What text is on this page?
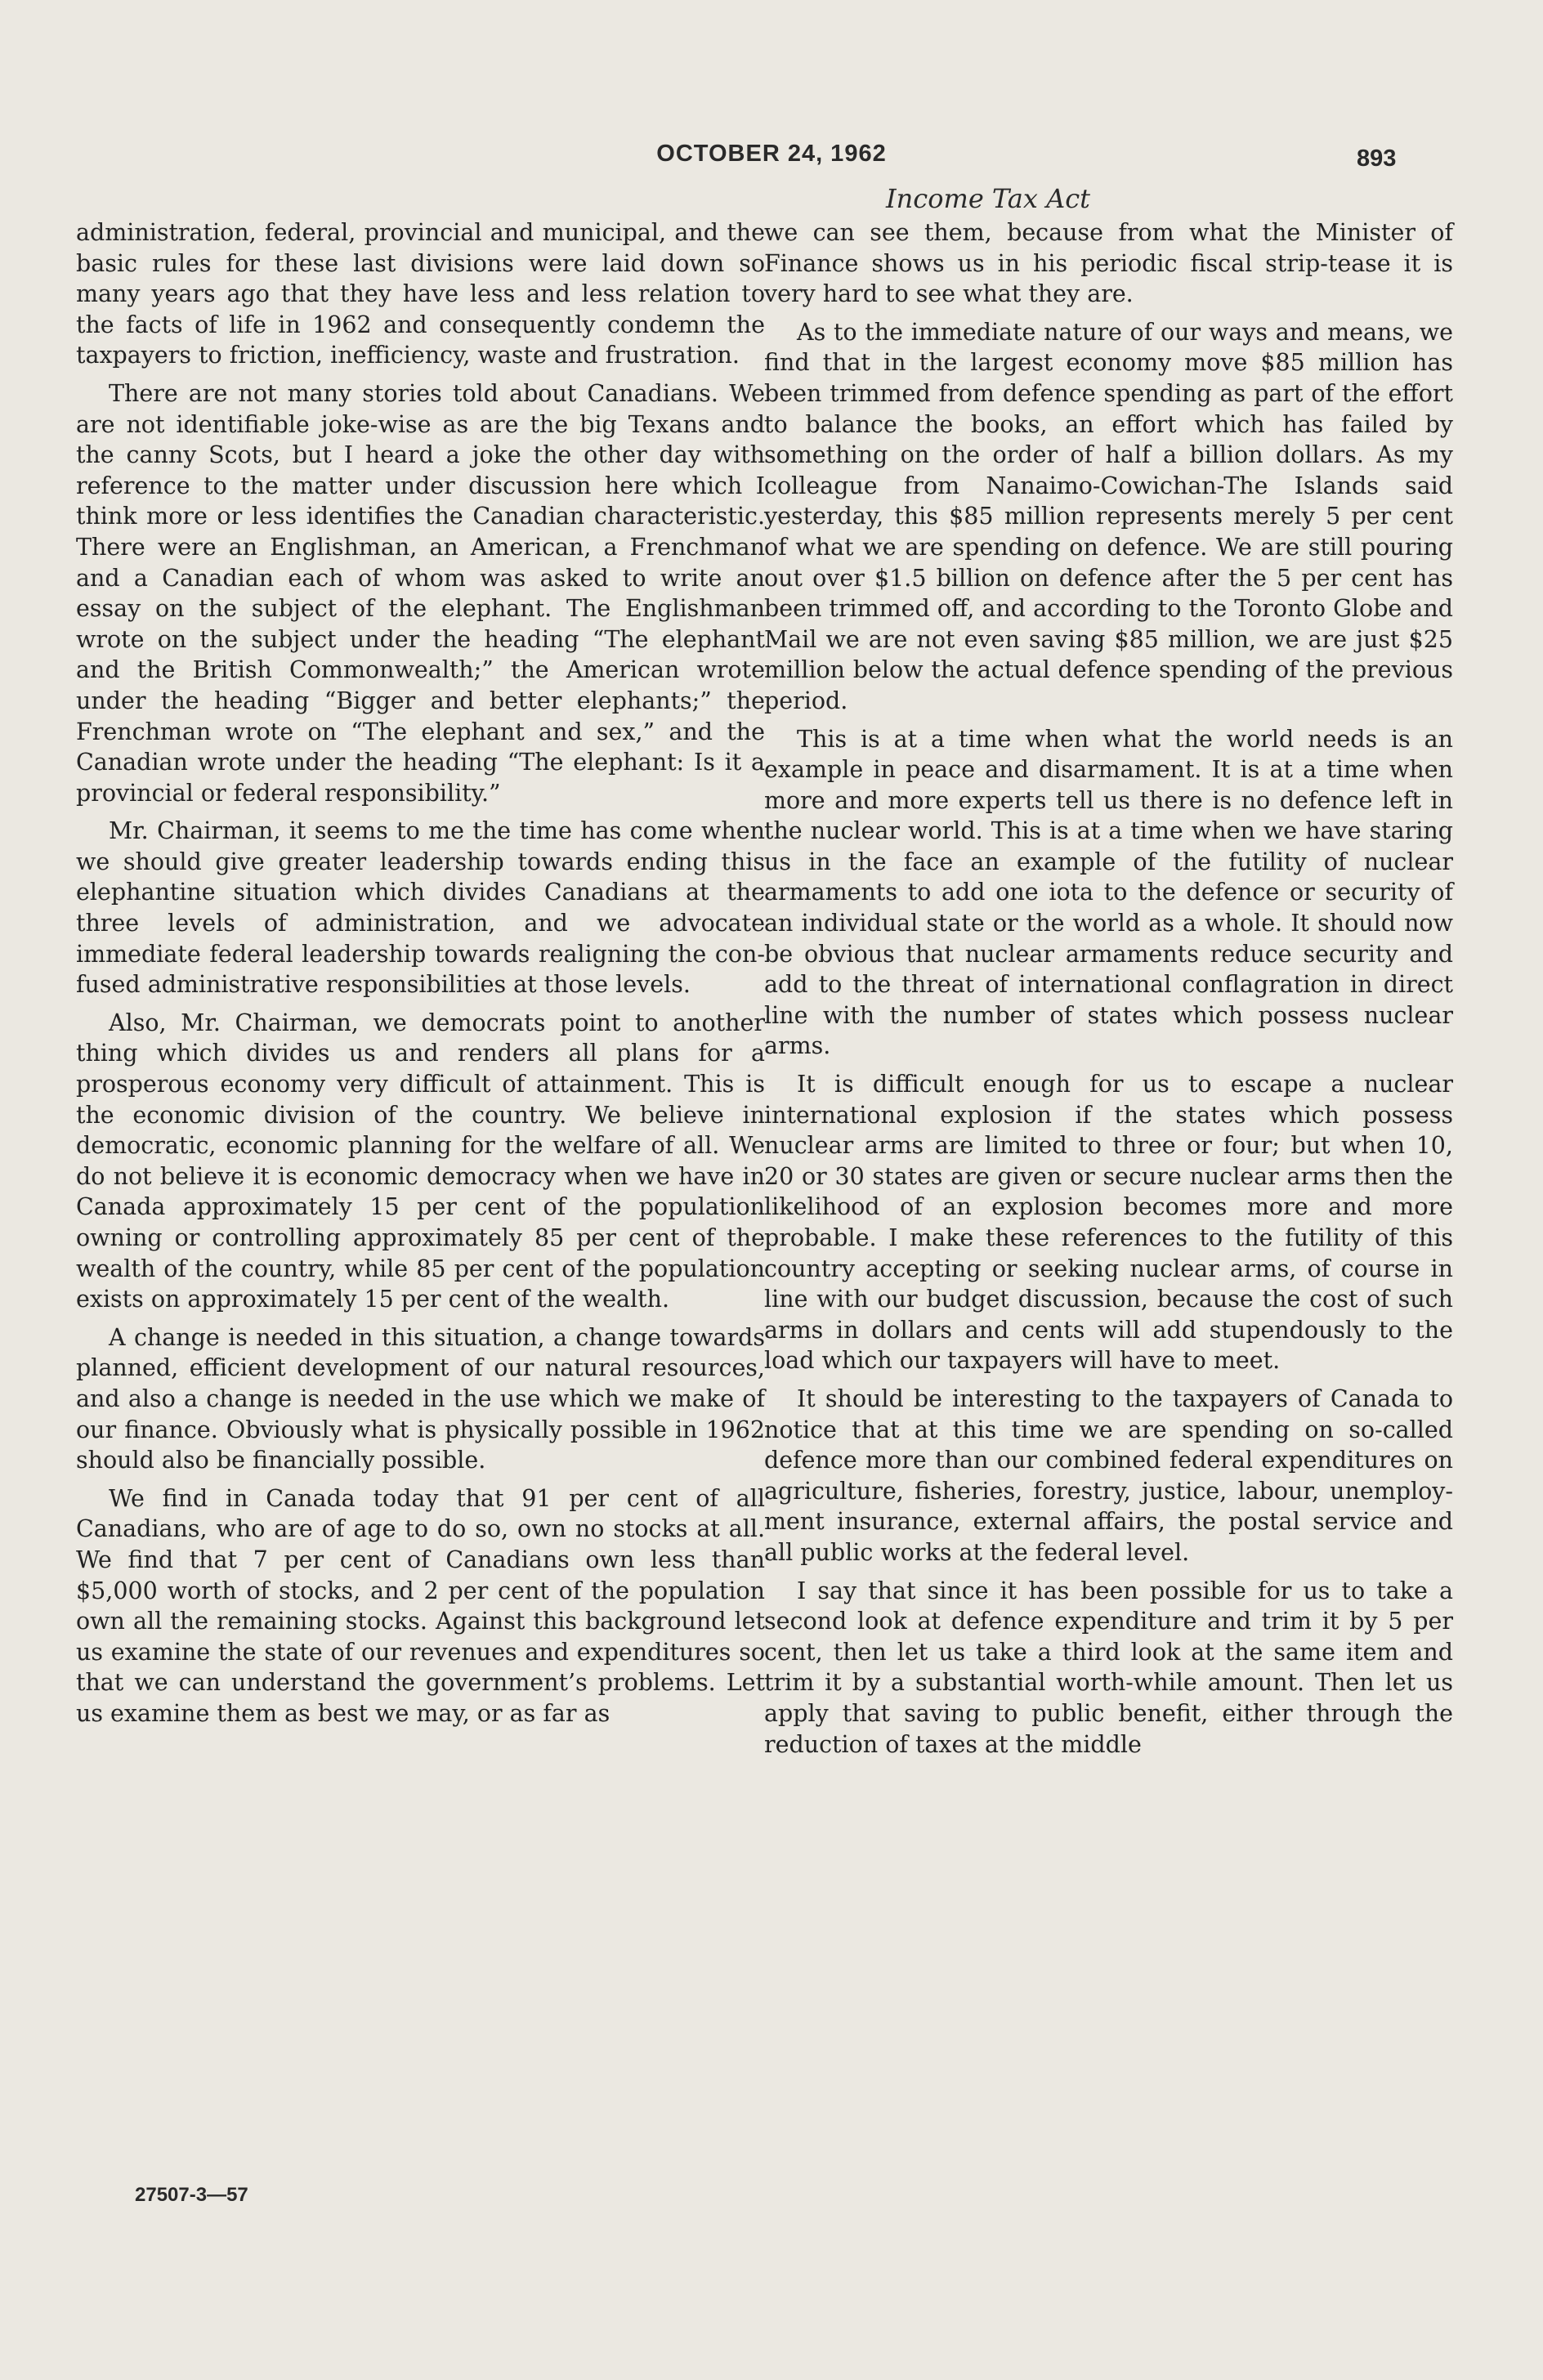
OCTOBER 24, 1962	893
Income Tax Act

administration, federal, provincial and municipal, and the basic rules for these last divisions were laid down so many years ago that they have less and less relation to the facts of life in 1962 and consequently condemn the taxpayers to friction, inefficiency, waste and frustration.

There are not many stories told about Canadians. We are not identifiable joke-wise as are the big Texans and the canny Scots, but I heard a joke the other day with reference to the matter under discussion here which I think more or less identifies the Canadian characteristic. There were an Englishman, an American, a Frenchman and a Canadian each of whom was asked to write an essay on the subject of the elephant. The Englishman wrote on the subject under the heading “The elephant and the British Commonwealth;” the American wrote under the heading “Bigger and better elephants;” the Frenchman wrote on “The elephant and sex,” and the Canadian wrote under the heading “The elephant: Is it a provincial or federal responsibility.”

Mr. Chairman, it seems to me the time has come when we should give greater leadership towards ending this elephantine situation which divides Canadians at the three levels of administration, and we advocate immediate federal leadership towards realigning the confused administrative responsibilities at those levels.

Also, Mr. Chairman, we democrats point to another thing which divides us and renders all plans for a prosperous economy very difficult of attainment. This is the economic division of the country. We believe in democratic, economic planning for the welfare of all. We do not believe it is economic democracy when we have in Canada approximately 15 per cent of the population owning or controlling approximately 85 per cent of the wealth of the country, while 85 per cent of the population exists on approximately 15 per cent of the wealth.

A change is needed in this situation, a change towards planned, efficient development of our natural resources, and also a change is needed in the use which we make of our finance. Obviously what is physically possible in 1962 should also be financially possible.

We find in Canada today that 91 per cent of all Canadians, who are of age to do so, own no stocks at all. We find that 7 per cent of Canadians own less than $5,000 worth of stocks, and 2 per cent of the population own all the remaining stocks. Against this background let us examine the state of our revenues and expenditures so that we can understand the government’s problems. Let us examine them as best we may, or as far as

we can see them, because from what the Minister of Finance shows us in his periodic fiscal strip-tease it is very hard to see what they are.

As to the immediate nature of our ways and means, we find that in the largest economy move $85 million has been trimmed from defence spending as part of the effort to balance the books, an effort which has failed by something on the order of half a billion dollars. As my colleague from Nanaimo-Cowichan-The Islands said yesterday, this $85 million represents merely 5 per cent of what we are spending on defence. We are still pouring out over $1.5 billion on defence after the 5 per cent has been trimmed off, and according to the Toronto Globe and Mail we are not even saving $85 million, we are just $25 million below the actual defence spending of the previous period.

This is at a time when what the world needs is an example in peace and disarmament. It is at a time when more and more experts tell us there is no defence left in the nuclear world. This is at a time when we have staring us in the face an example of the futility of nuclear armaments to add one iota to the defence or security of an individual state or the world as a whole. It should now be obvious that nuclear armaments reduce security and add to the threat of international conflagration in direct line with the number of states which possess nuclear arms.

It is difficult enough for us to escape a nuclear international explosion if the states which possess nuclear arms are limited to three or four; but when 10, 20 or 30 states are given or secure nuclear arms then the likelihood of an explosion becomes more and more probable. I make these references to the futility of this country accepting or seeking nuclear arms, of course in line with our budget discussion, because the cost of such arms in dollars and cents will add stupendously to the load which our taxpayers will have to meet.

It should be interesting to the taxpayers of Canada to notice that at this time we are spending on so-called defence more than our combined federal expenditures on agriculture, fisheries, forestry, justice, labour, unemployment insurance, external affairs, the postal service and all public works at the federal level.

I say that since it has been possible for us to take a second look at defence expenditure and trim it by 5 per cent, then let us take a third look at the same item and trim it by a substantial worth-while amount. Then let us apply that saving to public benefit, either through the reduction of taxes at the middle

27507-3—57
